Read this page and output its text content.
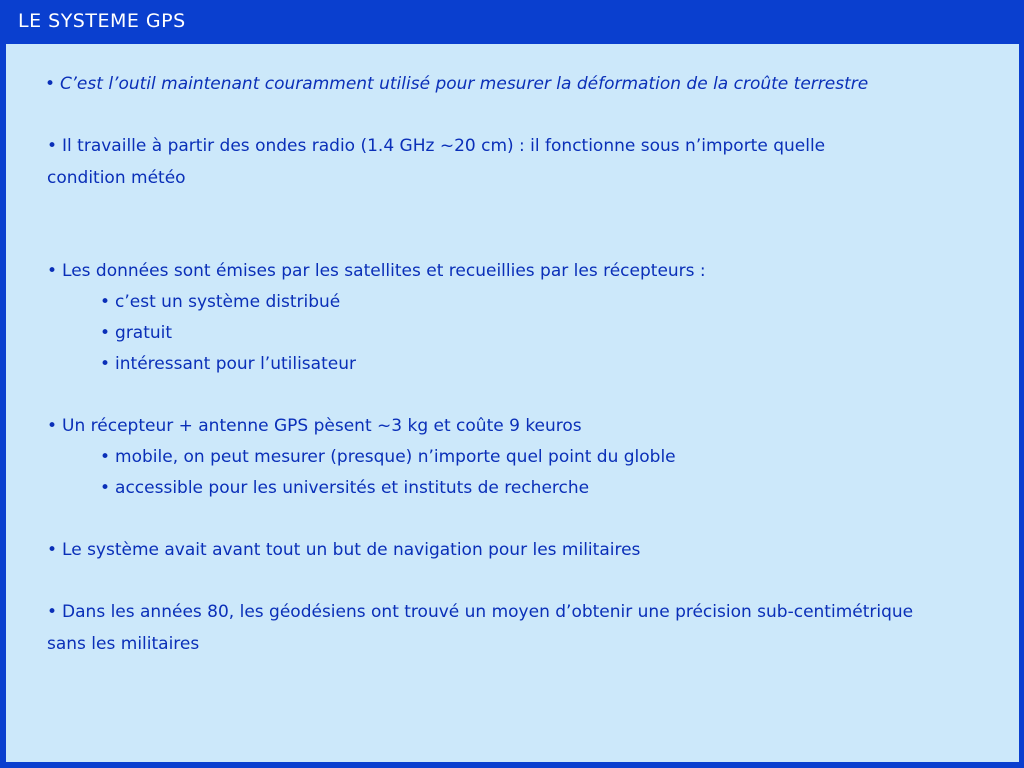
LE SYSTEME GPS
• C’est l’outil maintenant couramment utilisé pour mesurer la déformation de la croûte terrestre
• Il travaille à partir des ondes radio (1.4 GHz ~20 cm) : il fonctionne sous n’importe quelle
condition météo
• Les données sont émises par les satellites et recueillies par les récepteurs :
• c’est un système distribué
• gratuit
• intéressant pour l’utilisateur
• Un récepteur + antenne GPS pèsent ~3 kg et coûte 9 keuros
• mobile, on peut mesurer (presque) n’importe quel point du globle
• accessible pour les universités et instituts de recherche
• Le système avait avant tout un but de navigation pour les militaires
• Dans les années 80, les géodésiens ont trouvé un moyen d’obtenir une précision sub-centimétrique
sans les militaires
